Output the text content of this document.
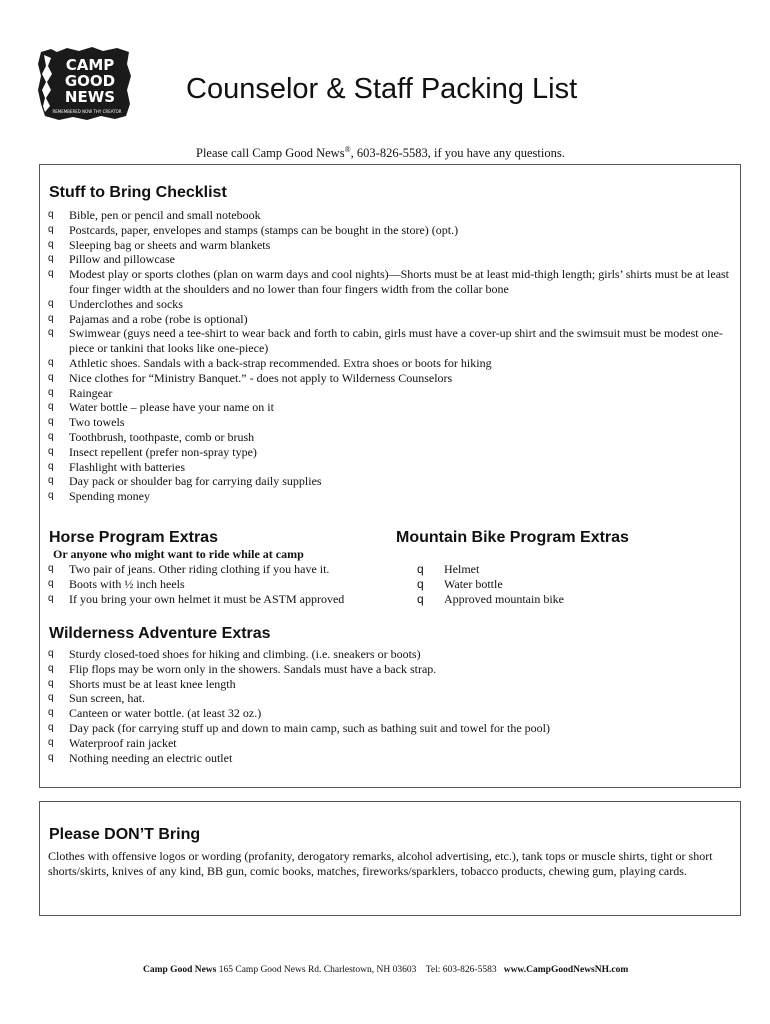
CAMP
GOOD
NEWS
REMEMBERED NOW THY CREATOR
Counselor & Staff Packing List
Please call Camp Good News®, 603-826-5583, if you have any questions.
Stuff to Bring Checklist
q Bible, pen or pencil and small notebook
q Postcards, paper, envelopes and stamps (stamps can be bought in the store) (opt.)
q Sleeping bag or sheets and warm blankets
q Pillow and pillowcase
q Modest play or sports clothes (plan on warm days and cool nights)—Shorts must be at least mid-thigh length; girls’ shirts must be at least four finger width at the shoulders and no lower than four fingers width from the collar bone
q Underclothes and socks
q Pajamas and a robe (robe is optional)
q Swimwear (guys need a tee-shirt to wear back and forth to cabin, girls must have a cover-up shirt and the swimsuit must be modest one-piece or tankini that looks like one-piece)
q Athletic shoes. Sandals with a back-strap recommended. Extra shoes or boots for hiking
q Nice clothes for “Ministry Banquet.” - does not apply to Wilderness Counselors
q Raingear
q Water bottle – please have your name on it
q Two towels
q Toothbrush, toothpaste, comb or brush
q Insect repellent (prefer non-spray type)
q Flashlight with batteries
q Day pack or shoulder bag for carrying daily supplies
q Spending money
Horse Program Extras
Or anyone who might want to ride while at camp
q Two pair of jeans. Other riding clothing if you have it.
q Boots with ½ inch heels
q If you bring your own helmet it must be ASTM approved
Mountain Bike Program Extras
q Helmet
q Water bottle
q Approved mountain bike
Wilderness Adventure Extras
q Sturdy closed-toed shoes for hiking and climbing. (i.e. sneakers or boots)
q Flip flops may be worn only in the showers. Sandals must have a back strap.
q Shorts must be at least knee length
q Sun screen, hat.
q Canteen or water bottle. (at least 32 oz.)
q Day pack (for carrying stuff up and down to main camp, such as bathing suit and towel for the pool)
q Waterproof rain jacket
q Nothing needing an electric outlet
Please DON’T Bring

Clothes with offensive logos or wording (profanity, derogatory remarks, alcohol advertising, etc.), tank tops or muscle shirts, tight or short shorts/skirts, knives of any kind, BB gun, comic books, matches, fireworks/sparklers, tobacco products, chewing gum, playing cards.

Camp Good News 165 Camp Good News Rd. Charlestown, NH 03603 Tel: 603-826-5583 www.CampGoodNewsNH.com
